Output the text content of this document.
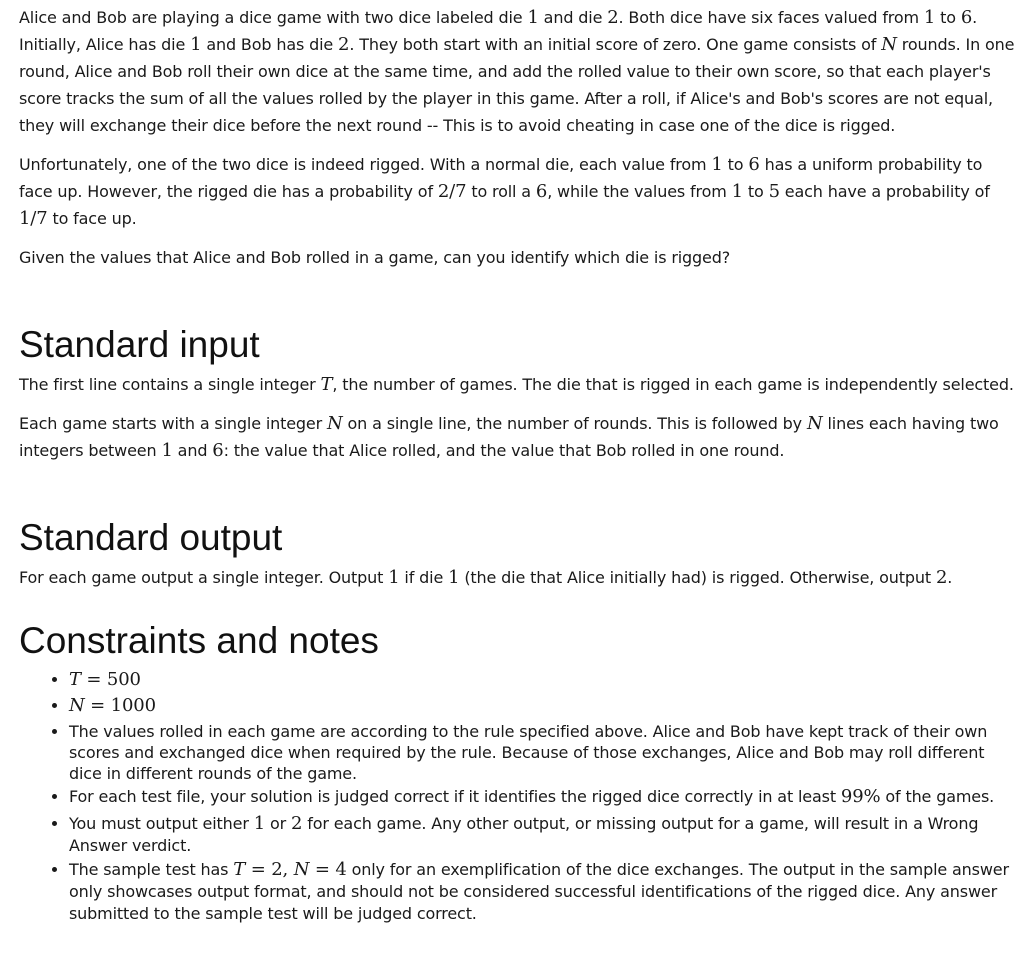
Alice and Bob are playing a dice game with two dice labeled die 1 and die 2. Both dice have six faces valued from 1 to 6. Initially, Alice has die 1 and Bob has die 2. They both start with an initial score of zero. One game consists of N rounds. In one round, Alice and Bob roll their own dice at the same time, and add the rolled value to their own score, so that each player's score tracks the sum of all the values rolled by the player in this game. After a roll, if Alice's and Bob's scores are not equal, they will exchange their dice before the next round -- This is to avoid cheating in case one of the dice is rigged.

Unfortunately, one of the two dice is indeed rigged. With a normal die, each value from 1 to 6 has a uniform probability to face up. However, the rigged die has a probability of 2/7 to roll a 6, while the values from 1 to 5 each have a probability of 1/7 to face up.

Given the values that Alice and Bob rolled in a game, can you identify which die is rigged?

Standard input

The first line contains a single integer T, the number of games. The die that is rigged in each game is independently selected.

Each game starts with a single integer N on a single line, the number of rounds. This is followed by N lines each having two integers between 1 and 6: the value that Alice rolled, and the value that Bob rolled in one round.

Standard output

For each game output a single integer. Output 1 if die 1 (the die that Alice initially had) is rigged. Otherwise, output 2.

Constraints and notes
• T = 500
• N = 1000
• The values rolled in each game are according to the rule specified above. Alice and Bob have kept track of their own scores and exchanged dice when required by the rule. Because of those exchanges, Alice and Bob may roll different dice in different rounds of the game.
• For each test file, your solution is judged correct if it identifies the rigged dice correctly in at least 99% of the games.
• You must output either 1 or 2 for each game. Any other output, or missing output for a game, will result in a Wrong Answer verdict.
• The sample test has T = 2, N = 4 only for an exemplification of the dice exchanges. The output in the sample answer only showcases output format, and should not be considered successful identifications of the rigged dice. Any answer submitted to the sample test will be judged correct.
